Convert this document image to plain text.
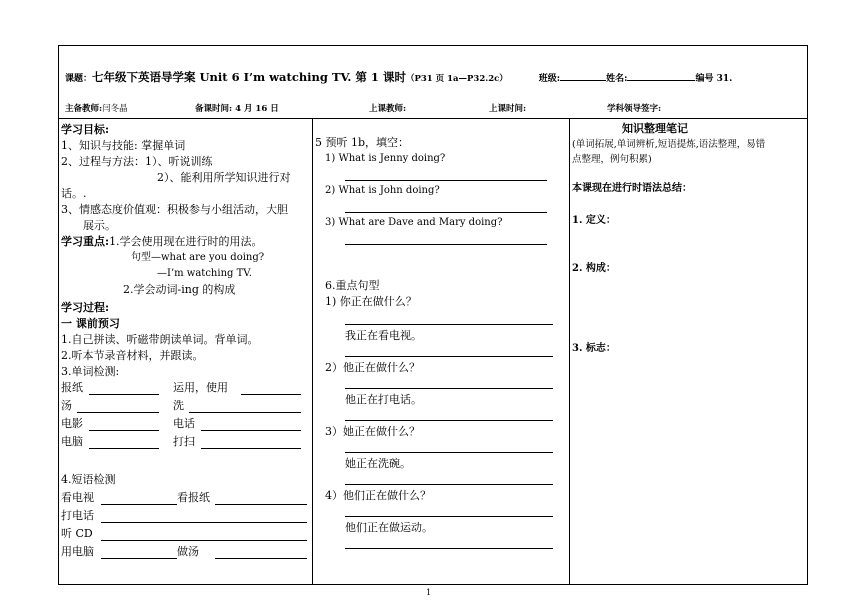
课题：七年级下英语导学案 Unit 6 I’m watching TV. 第 1 课时（P31 页 1a—P32.2c）	班级:	姓名:	编号 31.
主备教师:闫冬晶	备课时间: 4 月 16 日	上课教师:	上课时间:	学科领导签字:
学习目标:
1、知识与技能: 掌握单词
2、过程与方法：1）、听说训练
2）、能利用所学知识进行对
话。.
3、情感态度价值观：积极参与小组活动，大胆
展示。
学习重点:1.学会使用现在进行时的用法。
句型—what are you doing?
—I’m watching TV.
2.学会动词-ing 的构成
学习过程:
一 课前预习
1.自己拼读、听磁带朗读单词。背单词。
2.听本节录音材料，并跟读。
3.单词检测:
报纸	运用，使用
汤	洗
电影	电话
电脑	打扫
4.短语检测
看电视	看报纸
打电话
听 CD
用电脑	做汤
5 预听 1b，填空：
1) What is Jenny doing?
2) What is John doing?
3) What are Dave and Mary doing?
6.重点句型
1) 你正在做什么？
我正在看电视。
2）他正在做什么？
他正在打电话。
3）她正在做什么？
她正在洗碗。
4）他们正在做什么？
他们正在做运动。
知识整理笔记
(单词拓展,单词辨析,短语提炼,语法整理，易错
点整理，例句积累)
本课现在进行时语法总结：
1. 定义：
2. 构成：
3. 标志：
1
